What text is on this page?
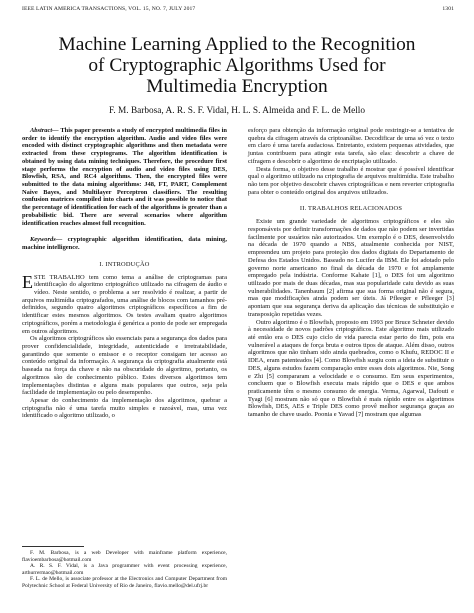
IEEE LATIN AMERICA TRANSACTIONS, VOL. 15, NO. 7, JULY 2017	1301
Machine Learning Applied to the Recognition
of Cryptographic Algorithms Used for
Multimedia Encryption
F. M. Barbosa, A. R. S. F. Vidal, H. L. S. Almeida and F. L. de Mello

Abstract— This paper presents a study of encrypted multimedia files in order to identify the encryption algorithm. Audio and video files were encoded with distinct cryptographic algorithms and then metadata were extracted from these cryptograms. The algorithm identification is obtained by using data mining techniques. Therefore, the procedure first stage performs the encryption of audio and video files using DES, Blowfish, RSA, and RC4 algorithms. Then, the encrypted files were submitted to the data mining algorithms: J48, FT, PART, Complement Naive Bayes, and Multilayer Perceptron classifiers. The resulting confusion matrices compiled into charts and it was possible to notice that the percentage of identification for each of the algorithms is greater than a probabilistic bid. There are several scenarios where algorithm identification reaches almost full recognition.

Keywords— cryptographic algorithm identification, data mining, machine intelligence.

I. INTRODUÇÃO

ESTE TRABALHO tem como tema a análise de criptogramas para identificação do algoritmo criptográfico utilizado na cifragem de áudio e vídeo. Neste sentido, o problema a ser resolvido é realizar, a partir de arquivos multimídia criptografados, uma análise de blocos com tamanhos pré-definidos, segundo quatro algoritmos criptográficos específicos a fim de identificar estes mesmos algoritmos. Os testes avaliam quatro algoritmos criptográficos, porém a metodologia é genérica a ponto de pode ser empregada em outros algoritmos.

Os algoritmos criptográficos são essenciais para a segurança dos dados para prover confidencialidade, integridade, autenticidade e irretratabilidade, garantindo que somente o emissor e o receptor consigam ter acesso ao conteúdo original da informação. A segurança da criptografia atualmente está baseada na força da chave e não na obscuridade do algoritmo, portanto, os algoritmos são de conhecimento público. Estes diversos algoritmos tem implementações distintas e alguns mais populares que outros, seja pela facilidade de implementação ou pelo desempenho.

Apesar do conhecimento da implementação dos algoritmos, quebrar a criptografia não é uma tarefa muito simples e razoável, mas, uma vez identificado o algoritmo utilizado, o

F. M. Barbosa, is a web Developer with mainframe platform experience, flavioembarbosa@hotmail.com

A. R. S. F. Vidal, is a Java programmer with event processing experience, arthurrermao@hotmail.com

F. L. de Mello, is associate professor at the Electronics and Computer Department from Polytechnic School at Federal University of Rio de Janeiro, flavio.mello@del.ufrj.br

esforço para obtenção da informação original pode restringir-se a tentativa de quebra da cifragem através da criptoanálise. Decodificar de uma só vez o texto em claro é uma tarefa audaciosa. Entretanto, existem pequenas atividades, que juntas contribuem para atingir esta tarefa, são elas: descobrir a chave de cifragem e descobrir o algoritmo de encriptação utilizado.

Desta forma, o objetivo desse trabalho é mostrar que é possível identificar qual o algoritmo utilizado na criptografia de arquivos multimídia. Este trabalho não tem por objetivo descobrir chaves criptográficas e nem reverter criptografia para obter o conteúdo original dos arquivos utilizados.

II. TRABALHOS RELACIONADOS

Existe um grande variedade de algoritmos criptográficos e eles são responsáveis por definir transformações de dados que não podem ser invertidas facilmente por usuários não autorizados. Um exemplo é o DES, desenvolvido na década de 1970 quando a NBS, atualmente conhecida por NIST, empreendeu um projeto para proteção dos dados digitais do Departamento de Defesa dos Estados Unidos. Baseado no Lucifer da IBM. Ele foi adotado pelo governo norte americano no final da década de 1970 e foi amplamente empregado pela indústria. Conforme Kahate [1], o DES foi um algoritmo utilizado por mais de duas décadas, mas sua popularidade caiu devido as suas vulnerabilidades. Tanenbaum [2] afirma que sua forma original não é segura, mas que modificações ainda podem ser úteis. Já Pfleeger e Pfleeger [3] apontam que sua segurança deriva da aplicação das técnicas de substituição e transposição repetidas vezes.

Outro algoritmo é o Blowfish, proposto em 1993 por Bruce Schneier devido à necessidade de novos padrões criptográficos. Este algoritmo mais utilizado até então era o DES cujo ciclo de vida parecia estar perto do fim, pois era vulnerável a ataques de força bruta e outros tipos de ataque. Além disso, outros algoritmos que não tinham sido ainda quebrados, como o Khufu, REDOC II e IDEA, eram patenteados [4]. Como Blowfish surgiu com a ideia de substituir o DES, alguns estudos fazem comparação entre esses dois algoritmos. Nie, Song e Zhi [5] compararam a velocidade e o consumo. Em seus experimentos, concluem que o Blowfish executa mais rápido que o DES e que ambos praticamente têm o mesmo consumo de energia. Verma, Agarwal, Dafouti e Tyagi [6] mostram não só que o Blowfish é mais rápido entre os algoritmos Blowfish, DES, AES e Triple DES como provê melhor segurança graças ao tamanho de chave usado. Poonia e Yavad [7] mostram que algumas
